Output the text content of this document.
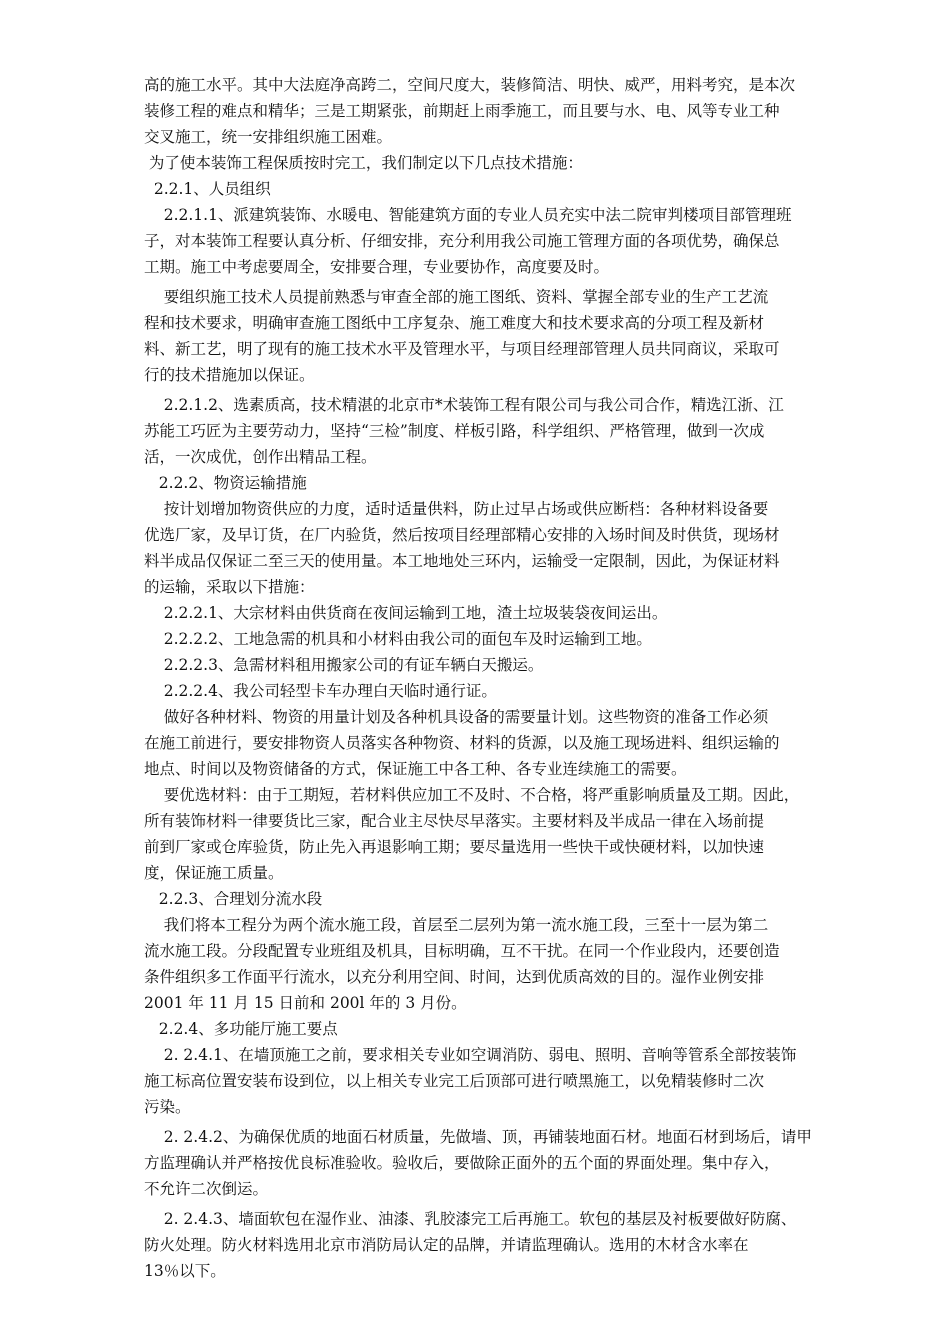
高的施工水平。其中大法庭净高跨二，空间尺度大，装修简洁、明快、威严，用料考究，是本次
装修工程的难点和精华；三是工期紧张，前期赶上雨季施工，而且要与水、电、风等专业工种
交叉施工，统一安排组织施工困难。
为了使本装饰工程保质按时完工，我们制定以下几点技术措施：
2.2.1、人员组织
2.2.1.1、派建筑装饰、水暖电、智能建筑方面的专业人员充实中法二院审判楼项目部管理班
子，对本装饰工程要认真分析、仔细安排，充分利用我公司施工管理方面的各项优势，确保总
工期。施工中考虑要周全，安排要合理，专业要协作，高度要及时。
要组织施工技术人员提前熟悉与审查全部的施工图纸、资料、掌握全部专业的生产工艺流
程和技术要求，明确审查施工图纸中工序复杂、施工难度大和技术要求高的分项工程及新材
料、新工艺，明了现有的施工技术水平及管理水平，与项目经理部管理人员共同商议，采取可
行的技术措施加以保证。
2.2.1.2、选素质高，技术精湛的北京市*术装饰工程有限公司与我公司合作，精选江浙、江
苏能工巧匠为主要劳动力，坚持“三检”制度、样板引路，科学组织、严格管理，做到一次成
活，一次成优，创作出精品工程。
2.2.2、物资运输措施
按计划增加物资供应的力度，适时适量供料，防止过早占场或供应断档：各种材料设备要
优选厂家，及早订货，在厂内验货，然后按项目经理部精心安排的入场时间及时供货，现场材
料半成品仅保证二至三天的使用量。本工地地处三环内，运输受一定限制，因此，为保证材料
的运输，采取以下措施：
2.2.2.1、大宗材料由供货商在夜间运输到工地，渣土垃圾装袋夜间运出。
2.2.2.2、工地急需的机具和小材料由我公司的面包车及时运输到工地。
2.2.2.3、急需材料租用搬家公司的有证车辆白天搬运。
2.2.2.4、我公司轻型卡车办理白天临时通行证。
做好各种材料、物资的用量计划及各种机具设备的需要量计划。这些物资的准备工作必须
在施工前进行，要安排物资人员落实各种物资、材料的货源，以及施工现场进料、组织运输的
地点、时间以及物资储备的方式，保证施工中各工种、各专业连续施工的需要。
要优选材料：由于工期短，若材料供应加工不及时、不合格，将严重影响质量及工期。因此，
所有装饰材料一律要货比三家，配合业主尽快尽早落实。主要材料及半成品一律在入场前提
前到厂家或仓库验货，防止先入再退影响工期；要尽量选用一些快干或快硬材料，以加快速
度，保证施工质量。
2.2.3、合理划分流水段
我们将本工程分为两个流水施工段，首层至二层列为第一流水施工段，三至十一层为第二
流水施工段。分段配置专业班组及机具，目标明确，互不干扰。在同一个作业段内，还要创造
条件组织多工作面平行流水，以充分利用空间、时间，达到优质高效的目的。湿作业例安排
2001 年 11 月 15 日前和 200l 年的 3 月份。
2.2.4、多功能厅施工要点
2. 2.4.1、在墙顶施工之前，要求相关专业如空调消防、弱电、照明、音响等管系全部按装饰
施工标高位置安装布设到位，以上相关专业完工后顶部可进行喷黑施工，以免精装修时二次
污染。
2. 2.4.2、为确保优质的地面石材质量，先做墙、顶，再铺装地面石材。地面石材到场后，请甲
方监理确认并严格按优良标准验收。验收后，要做除正面外的五个面的界面处理。集中存入，
不允许二次倒运。
2. 2.4.3、墙面软包在湿作业、油漆、乳胶漆完工后再施工。软包的基层及衬板要做好防腐、
防火处理。防火材料选用北京市消防局认定的品牌，并请监理确认。选用的木材含水率在
13％以下。
